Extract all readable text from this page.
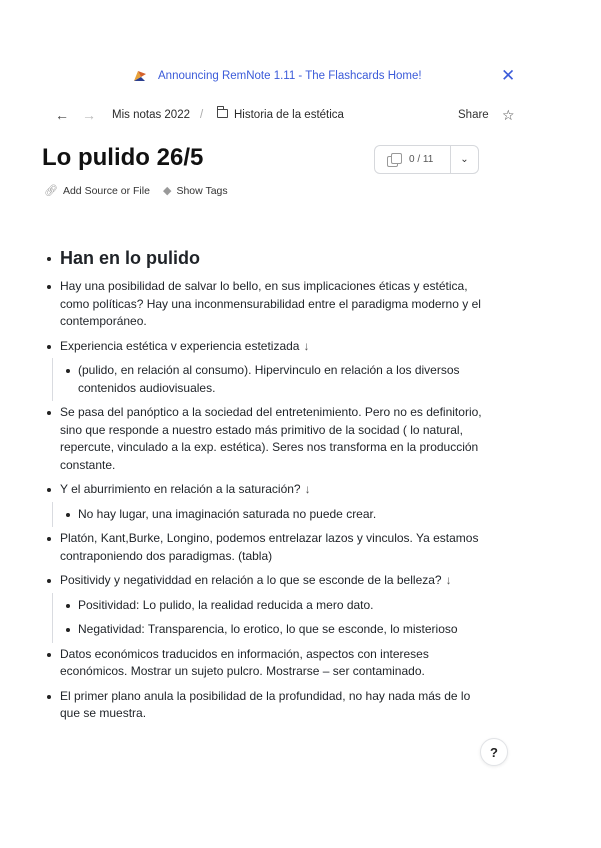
Announcing RemNote 1.11 - The Flashcards Home!	✕
← → Mis notas 2022 /	Historia de la estética	Share ☆
Lo pulido 26/5	0 / 11	⌄
🔗︎ Add Source or File ◆ Show Tags
Han en lo pulido
Hay una posibilidad de salvar lo bello, en sus implicaciones éticas y estética, como políticas? Hay una inconmensurabilidad entre el paradigma moderno y el contemporáneo.
Experiencia estética v experiencia estetizada ↓
(pulido, en relación al consumo). Hipervinculo en relación a los diversos contenidos audiovisuales.
Se pasa del panóptico a la sociedad del entretenimiento. Pero no es definitorio, sino que responde a nuestro estado más primitivo de la socidad ( lo natural, repercute, vinculado a la exp. estética). Seres nos transforma en la producción constante.
Y el aburrimiento en relación a la saturación? ↓
No hay lugar, una imaginación saturada no puede crear.
Platón, Kant,Burke, Longino, podemos entrelazar lazos y vinculos. Ya estamos contraponiendo dos paradigmas. (tabla)
Positividy y negatividdad en relación a lo que se esconde de la belleza? ↓
Positividad: Lo pulido, la realidad reducida a mero dato.
Negatividad: Transparencia, lo erotico, lo que se esconde, lo misterioso
Datos económicos traducidos en información, aspectos con intereses económicos. Mostrar un sujeto pulcro. Mostrarse – ser contaminado.
El primer plano anula la posibilidad de la profundidad, no hay nada más de lo que se muestra.
?
